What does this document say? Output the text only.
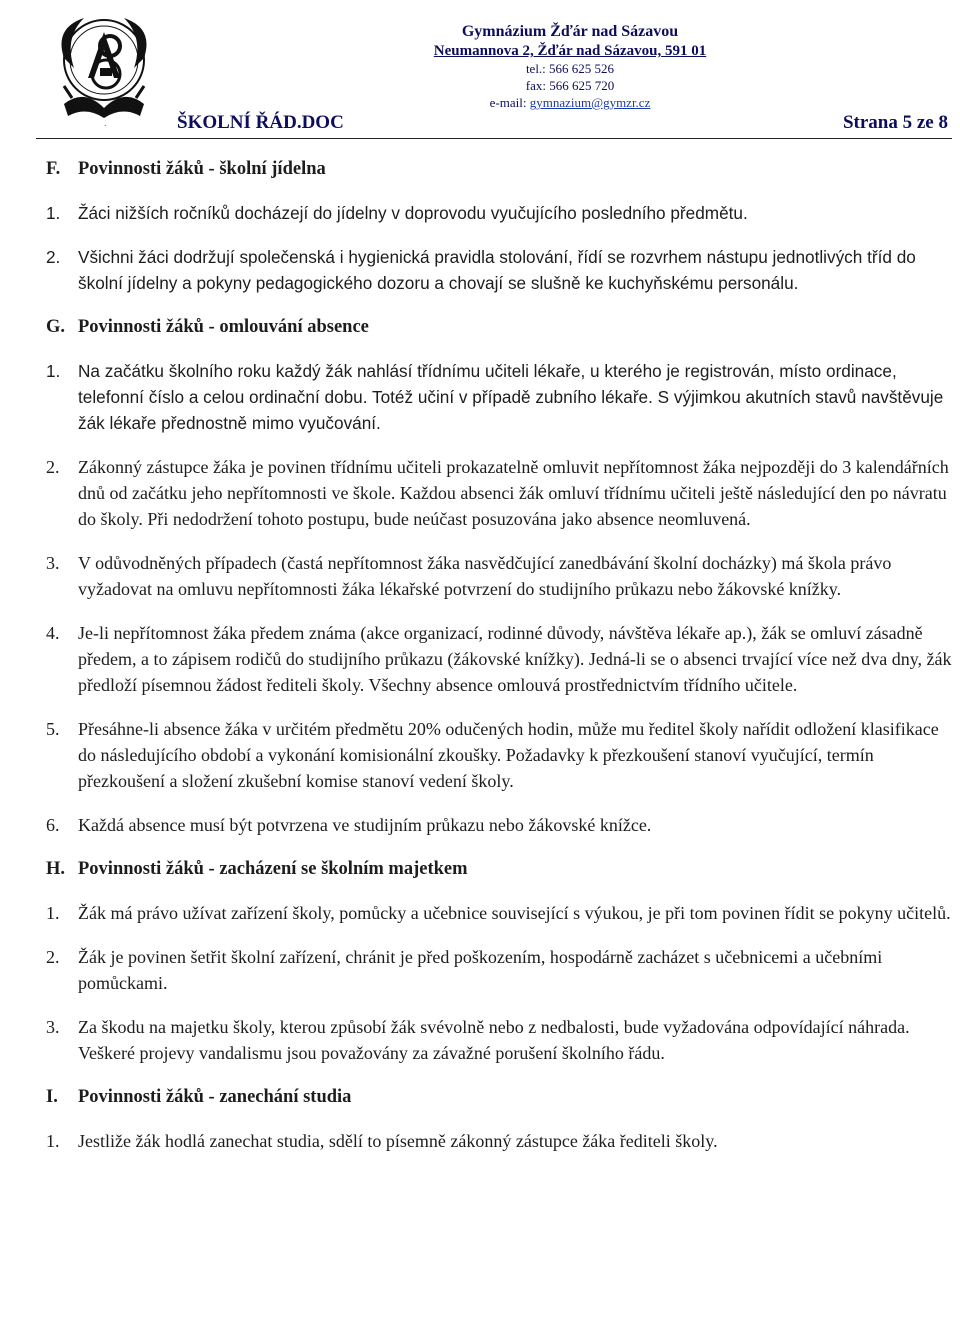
.
Gymnázium Žďár nad Sázavou
Neumannova 2, Žďár nad Sázavou, 591 01
tel.: 566 625 526
fax: 566 625 720
e-mail: gymnazium@gymzr.cz
ŠKOLNÍ ŘÁD.DOC	Strana 5 ze 8
F. Povinnosti žáků - školní jídelna
1. Žáci nižších ročníků docházejí do jídelny v doprovodu vyučujícího posledního předmětu.
2. Všichni žáci dodržují společenská i hygienická pravidla stolování, řídí se rozvrhem nástupu jednotlivých tříd do školní jídelny a pokyny pedagogického dozoru a chovají se slušně ke kuchyňskému personálu.
G. Povinnosti žáků - omlouvání absence
1. Na začátku školního roku každý žák nahlásí třídnímu učiteli lékaře, u kterého je registrován, místo ordinace, telefonní číslo a celou ordinační dobu. Totéž učiní v případě zubního lékaře. S výjimkou akutních stavů navštěvuje žák lékaře přednostně mimo vyučování.
2. Zákonný zástupce žáka je povinen třídnímu učiteli prokazatelně omluvit nepřítomnost žáka nejpozději do 3 kalendářních dnů od začátku jeho nepřítomnosti ve škole. Každou absenci žák omluví třídnímu učiteli ještě následující den po návratu do školy. Při nedodržení tohoto postupu, bude neúčast posuzována jako absence neomluvená.
3. V odůvodněných případech (častá nepřítomnost žáka nasvědčující zanedbávání školní docházky) má škola právo vyžadovat na omluvu nepřítomnosti žáka lékařské potvrzení do studijního průkazu nebo žákovské knížky.
4. Je-li nepřítomnost žáka předem známa (akce organizací, rodinné důvody, návštěva lékaře ap.), žák se omluví zásadně předem, a to zápisem rodičů do studijního průkazu (žákovské knížky). Jedná-li se o absenci trvající více než dva dny, žák předloží písemnou žádost řediteli školy. Všechny absence omlouvá prostřednictvím třídního učitele.
5. Přesáhne-li absence žáka v určitém předmětu 20% odučených hodin, může mu ředitel školy nařídit odložení klasifikace do následujícího období a vykonání komisionální zkoušky. Požadavky k přezkoušení stanoví vyučující, termín přezkoušení a složení zkušební komise stanoví vedení školy.
6. Každá absence musí být potvrzena ve studijním průkazu nebo žákovské knížce.
H. Povinnosti žáků - zacházení se školním majetkem
1. Žák má právo užívat zařízení školy, pomůcky a učebnice související s výukou, je při tom povinen řídit se pokyny učitelů.
2. Žák je povinen šetřit školní zařízení, chránit je před poškozením, hospodárně zacházet s učebnicemi a učebními pomůckami.
3. Za škodu na majetku školy, kterou způsobí žák svévolně nebo z nedbalosti, bude vyžadována odpovídající náhrada. Veškeré projevy vandalismu jsou považovány za závažné porušení školního řádu.
I. Povinnosti žáků - zanechání studia
1. Jestliže žák hodlá zanechat studia, sdělí to písemně zákonný zástupce žáka řediteli školy.
